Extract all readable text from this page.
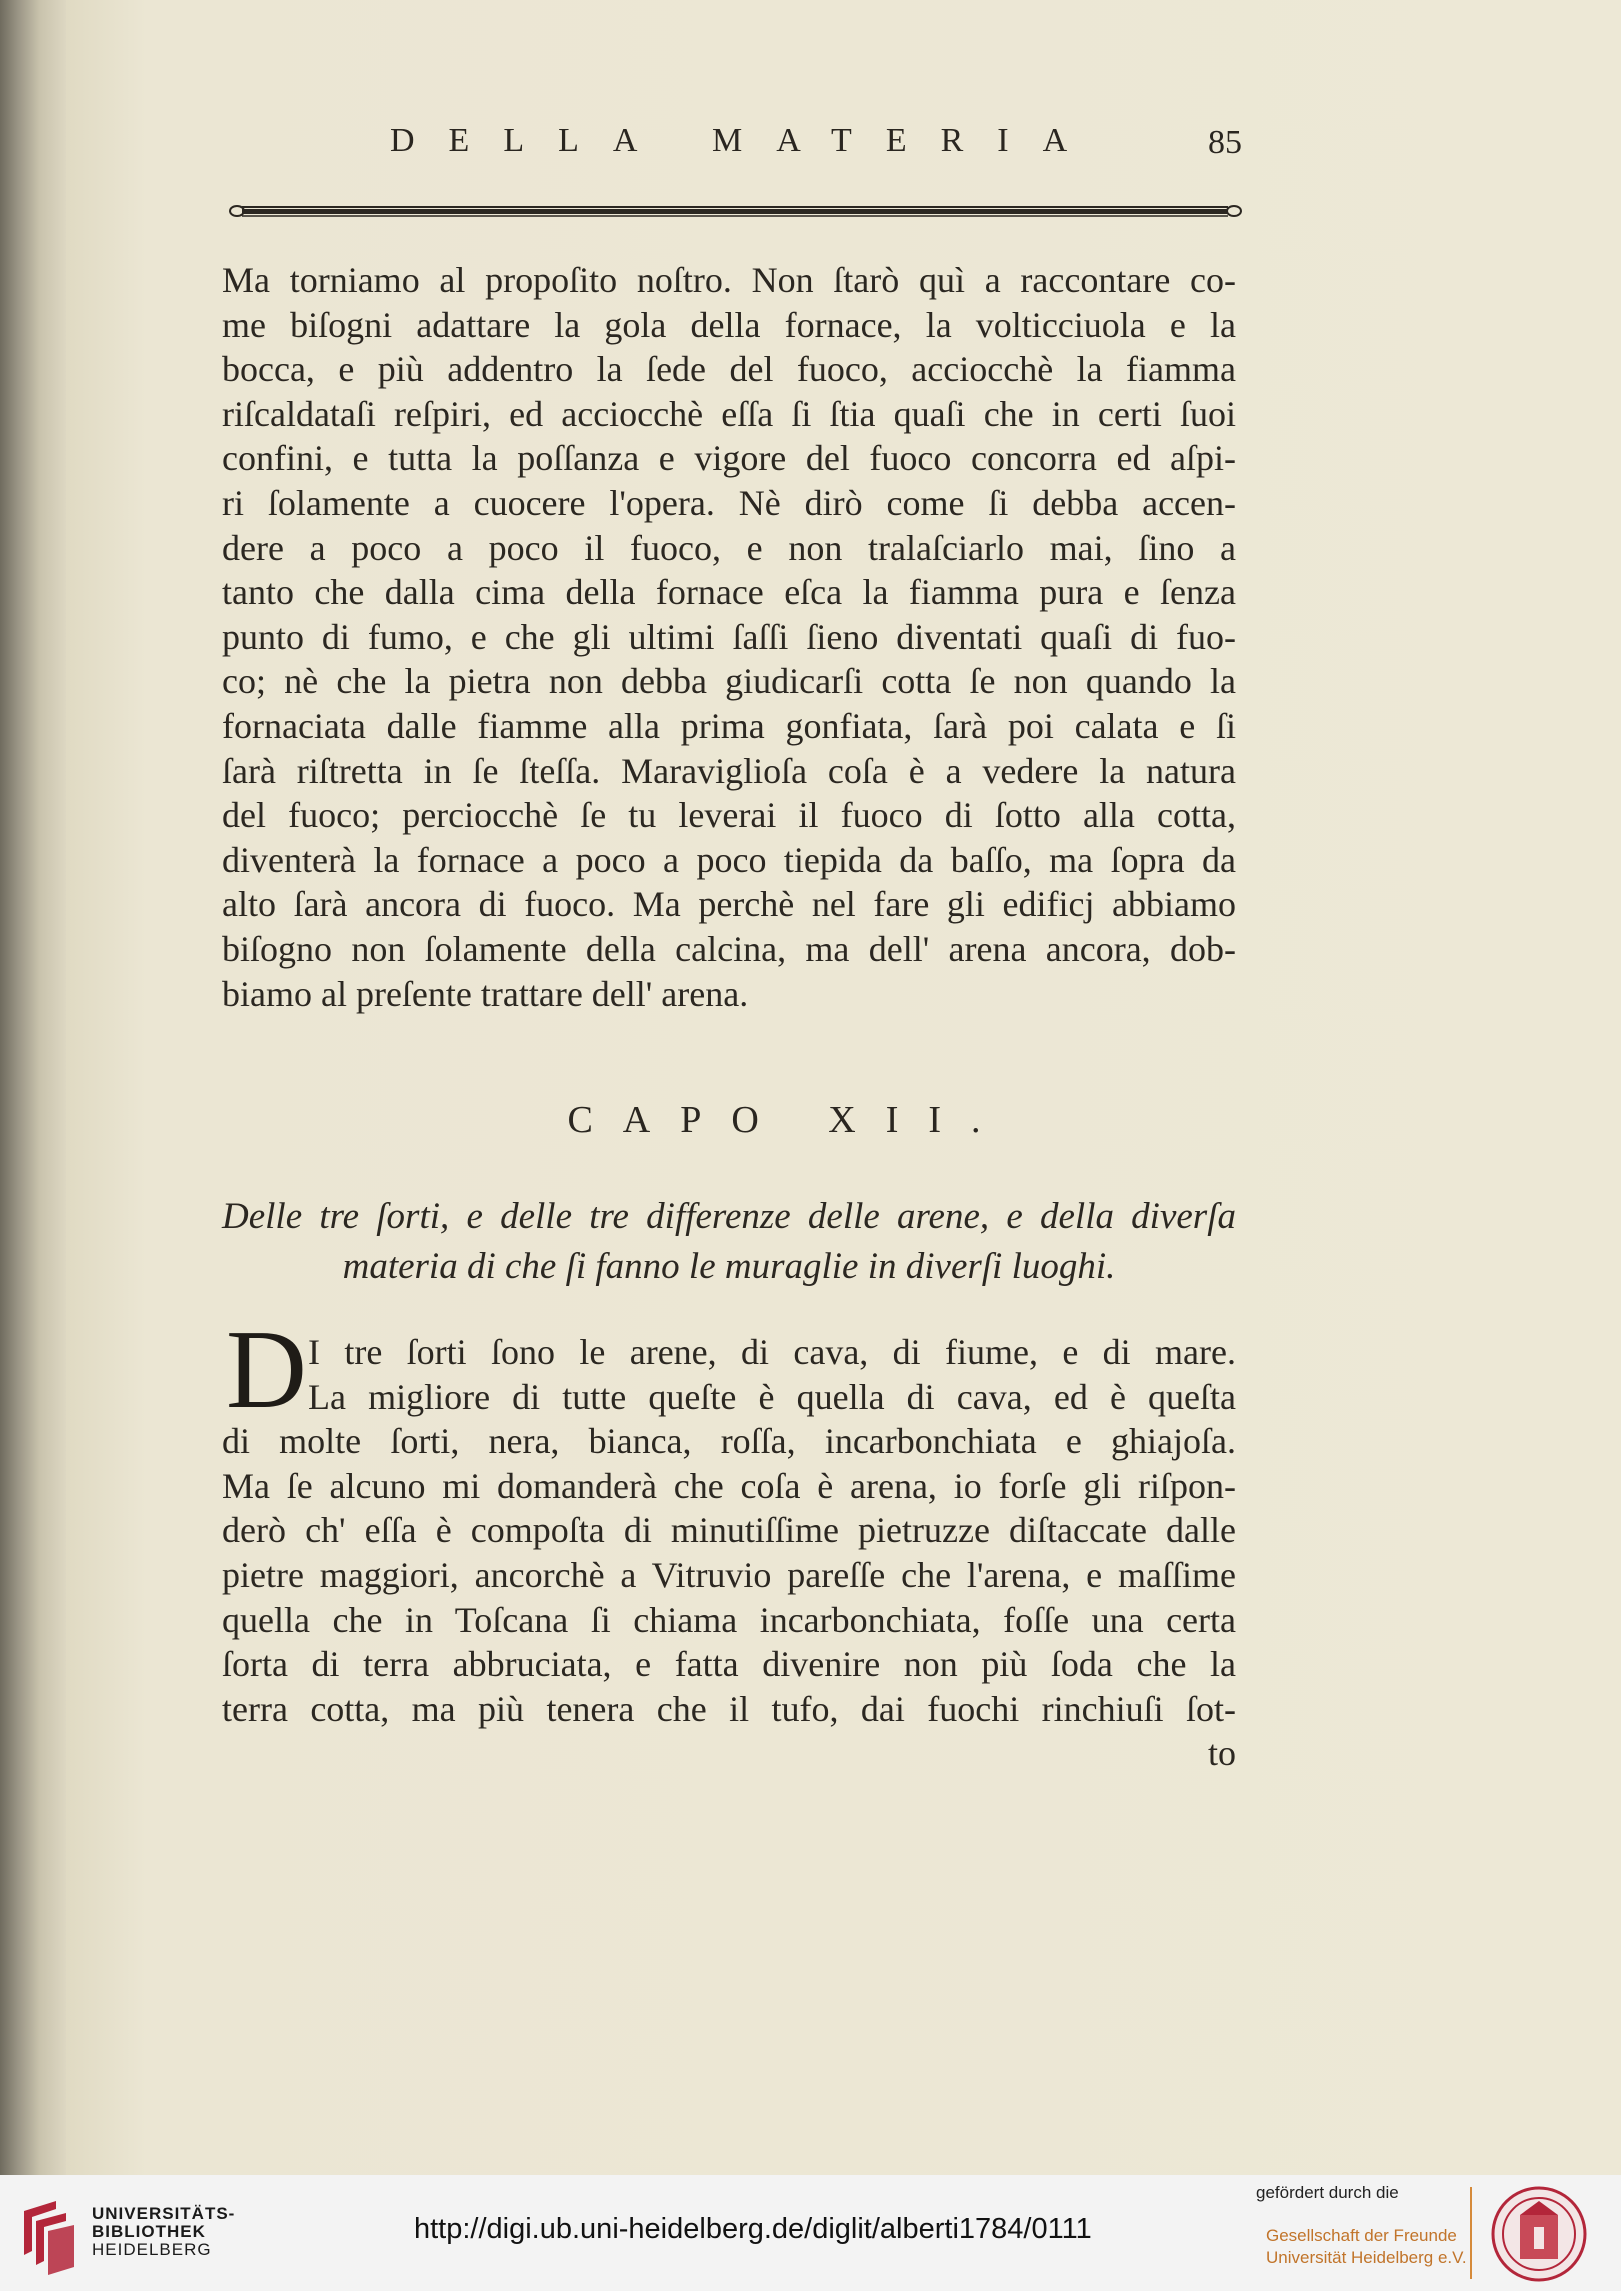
DELLA MATERIA	85
Ma torniamo al propoſito noſtro. Non ſtarò quì a raccontare co-
me biſogni adattare la gola della fornace, la volticciuola e la
bocca, e più addentro la ſede del fuoco, acciocchè la fiamma
riſcaldataſi reſpiri, ed acciocchè eſſa ſi ſtia quaſi che in certi ſuoi
confini, e tutta la poſſanza e vigore del fuoco concorra ed aſpi-
ri ſolamente a cuocere l'opera. Nè dirò come ſi debba accen-
dere a poco a poco il fuoco, e non tralaſciarlo mai, ſino a
tanto che dalla cima della fornace eſca la fiamma pura e ſenza
punto di fumo, e che gli ultimi ſaſſi ſieno diventati quaſi di fuo-
co; nè che la pietra non debba giudicarſi cotta ſe non quando la
fornaciata dalle fiamme alla prima gonfiata, ſarà poi calata e ſi
ſarà riſtretta in ſe ſteſſa. Maraviglioſa coſa è a vedere la natura
del fuoco; perciocchè ſe tu leverai il fuoco di ſotto alla cotta,
diventerà la fornace a poco a poco tiepida da baſſo, ma ſopra da
alto ſarà ancora di fuoco. Ma perchè nel fare gli edificj abbiamo
biſogno non ſolamente della calcina, ma dell' arena ancora, dob-
biamo al preſente trattare dell' arena.
CAPO XII.
Delle tre ſorti, e delle tre differenze delle arene, e della diverſa
materia di che ſi fanno le muraglie in diverſi luoghi.
D I tre ſorti ſono le arene, di cava, di fiume, e di mare.
La migliore di tutte queſte è quella di cava, ed è queſta
di molte ſorti, nera, bianca, roſſa, incarbonchiata e ghiajoſa.
Ma ſe alcuno mi domanderà che coſa è arena, io forſe gli riſpon-
derò ch' eſſa è compoſta di minutiſſime pietruzze diſtaccate dalle
pietre maggiori, ancorchè a Vitruvio pareſſe che l'arena, e maſſime
quella che in Toſcana ſi chiama incarbonchiata, foſſe una certa
ſorta di terra abbruciata, e fatta divenire non più ſoda che la
terra cotta, ma più tenera che il tufo, dai fuochi rinchiuſi ſot-
to
UNIVERSITÄTS-
BIBLIOTHEK
HEIDELBERG
http://digi.ub.uni-heidelberg.de/diglit/alberti1784/0111
gefördert durch die
Gesellschaft der Freunde
Universität Heidelberg e.V.
